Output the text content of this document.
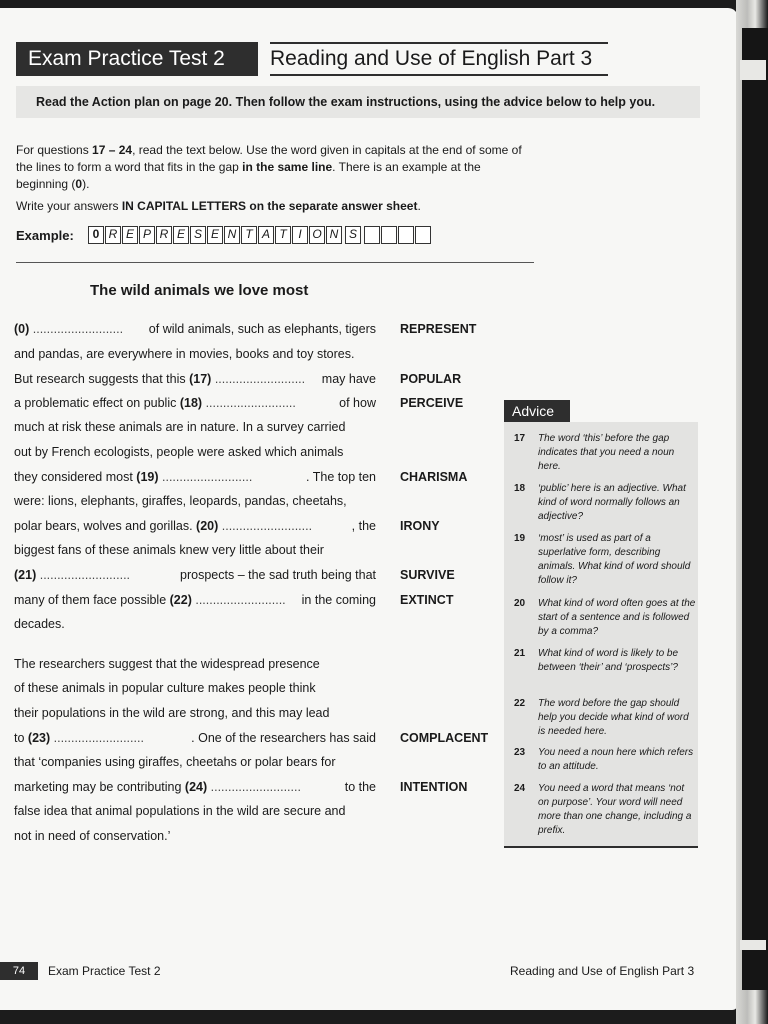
Exam Practice Test 2	Reading and Use of English Part 3
Read the Action plan on page 20. Then follow the exam instructions, using the advice below to help you.

For questions 17 – 24, read the text below. Use the word given in capitals at the end of some of the lines to form a word that fits in the gap in the same line. There is an example at the beginning (0).

Write your answers IN CAPITAL LETTERS on the separate answer sheet.

Example:	0 R E P R E S E N T A T I O N S
The wild animals we love most
(0) .......................... of wild animals, such as elephants, tigers
and pandas, are everywhere in movies, books and toy stores.
But research suggests that this (17) .......................... may have
a problematic effect on public (18) ..........................	of how
much at risk these animals are in nature. In a survey carried
out by French ecologists, people were asked which animals
they considered most (19) ..........................	. The top ten
were: lions, elephants, giraffes, leopards, pandas, cheetahs,
polar bears, wolves and gorillas. (20) ..........................	, the
biggest fans of these animals knew very little about their
(21) ..........................	prospects – the sad truth being that
many of them face possible (22) .......................... in the coming
decades.
The researchers suggest that the widespread presence
of these animals in popular culture makes people think
their populations in the wild are strong, and this may lead
to (23) ..........................	. One of the researchers has said
that ‘companies using giraffes, cheetahs or polar bears for
marketing may be contributing (24) ..........................	to the
false idea that animal populations in the wild are secure and
not in need of conservation.’
REPRESENT
POPULAR
PERCEIVE
CHARISMA
IRONY
SURVIVE
EXTINCT
COMPLACENT
INTENTION
Advice
17 The word ‘this’ before the gap indicates that you need a noun here.
18 ‘public’ here is an adjective. What kind of word normally follows an adjective?
19 ‘most’ is used as part of a superlative form, describing animals. What kind of word should follow it?
20 What kind of word often goes at the start of a sentence and is followed by a comma?
21 What kind of word is likely to be between ‘their’ and ‘prospects’?
22 The word before the gap should help you decide what kind of word is needed here.
23 You need a noun here which refers to an attitude.
24 You need a word that means ‘not on purpose’. Your word will need more than one change, including a prefix.
74	Exam Practice Test 2	Reading and Use of English Part 3
